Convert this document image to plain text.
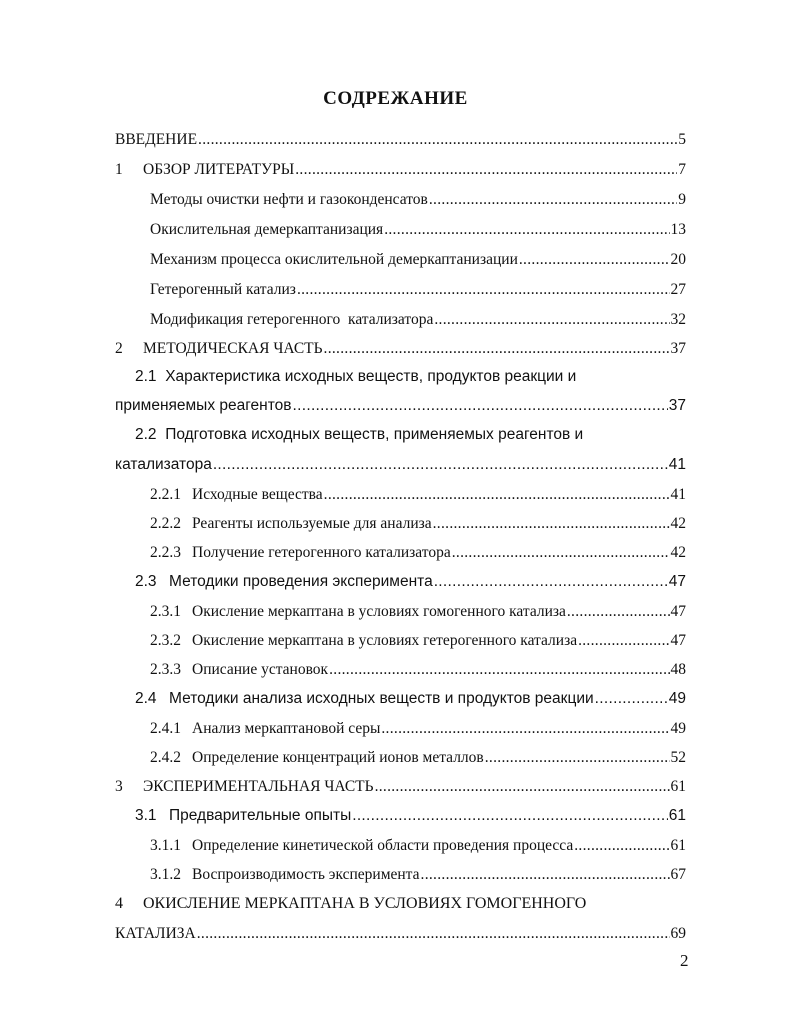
СОДРЕЖАНИЕ
ВВЕДЕНИЕ .....	5
1	ОБЗОР ЛИТЕРАТУРЫ .....	7
Методы очистки нефти и газоконденсатов .....	9
Окислительная демеркаптанизация .....	13
Механизм процесса окислительной демеркаптанизации .....	20
Гетерогенный катализ .....	27
Модификация гетерогенного  катализатора .....	32
2	МЕТОДИЧЕСКАЯ ЧАСТЬ .....	37
2.1 Характеристика исходных веществ, продуктов реакции и
применяемых реагентов .....	37
2.2 Подготовка исходных веществ, применяемых реагентов и
катализатора .....	41
2.2.1 Исходные вещества .....	41
2.2.2 Реагенты используемые для анализа .....	42
2.2.3 Получение гетерогенного катализатора .....	42
2.3 Методики проведения эксперимента .....	47
2.3.1 Окисление меркаптана в условиях гомогенного катализа .....	47
2.3.2 Окисление меркаптана в условиях гетерогенного катализа .....	47
2.3.3 Описание установок .....	48
2.4 Методики анализа исходных веществ и продуктов реакции .....	49
2.4.1 Анализ меркаптановой серы .....	49
2.4.2 Определение концентраций ионов металлов .....	52
3	ЭКСПЕРИМЕНТАЛЬНАЯ ЧАСТЬ .....	61
3.1 Предварительные опыты .....	61
3.1.1 Определение кинетической области проведения процесса .....	61
3.1.2 Воспроизводимость эксперимента .....	67
4 ОКИСЛЕНИЕ МЕРКАПТАНА В УСЛОВИЯХ ГОМОГЕННОГО
КАТАЛИЗА .....	69
2
